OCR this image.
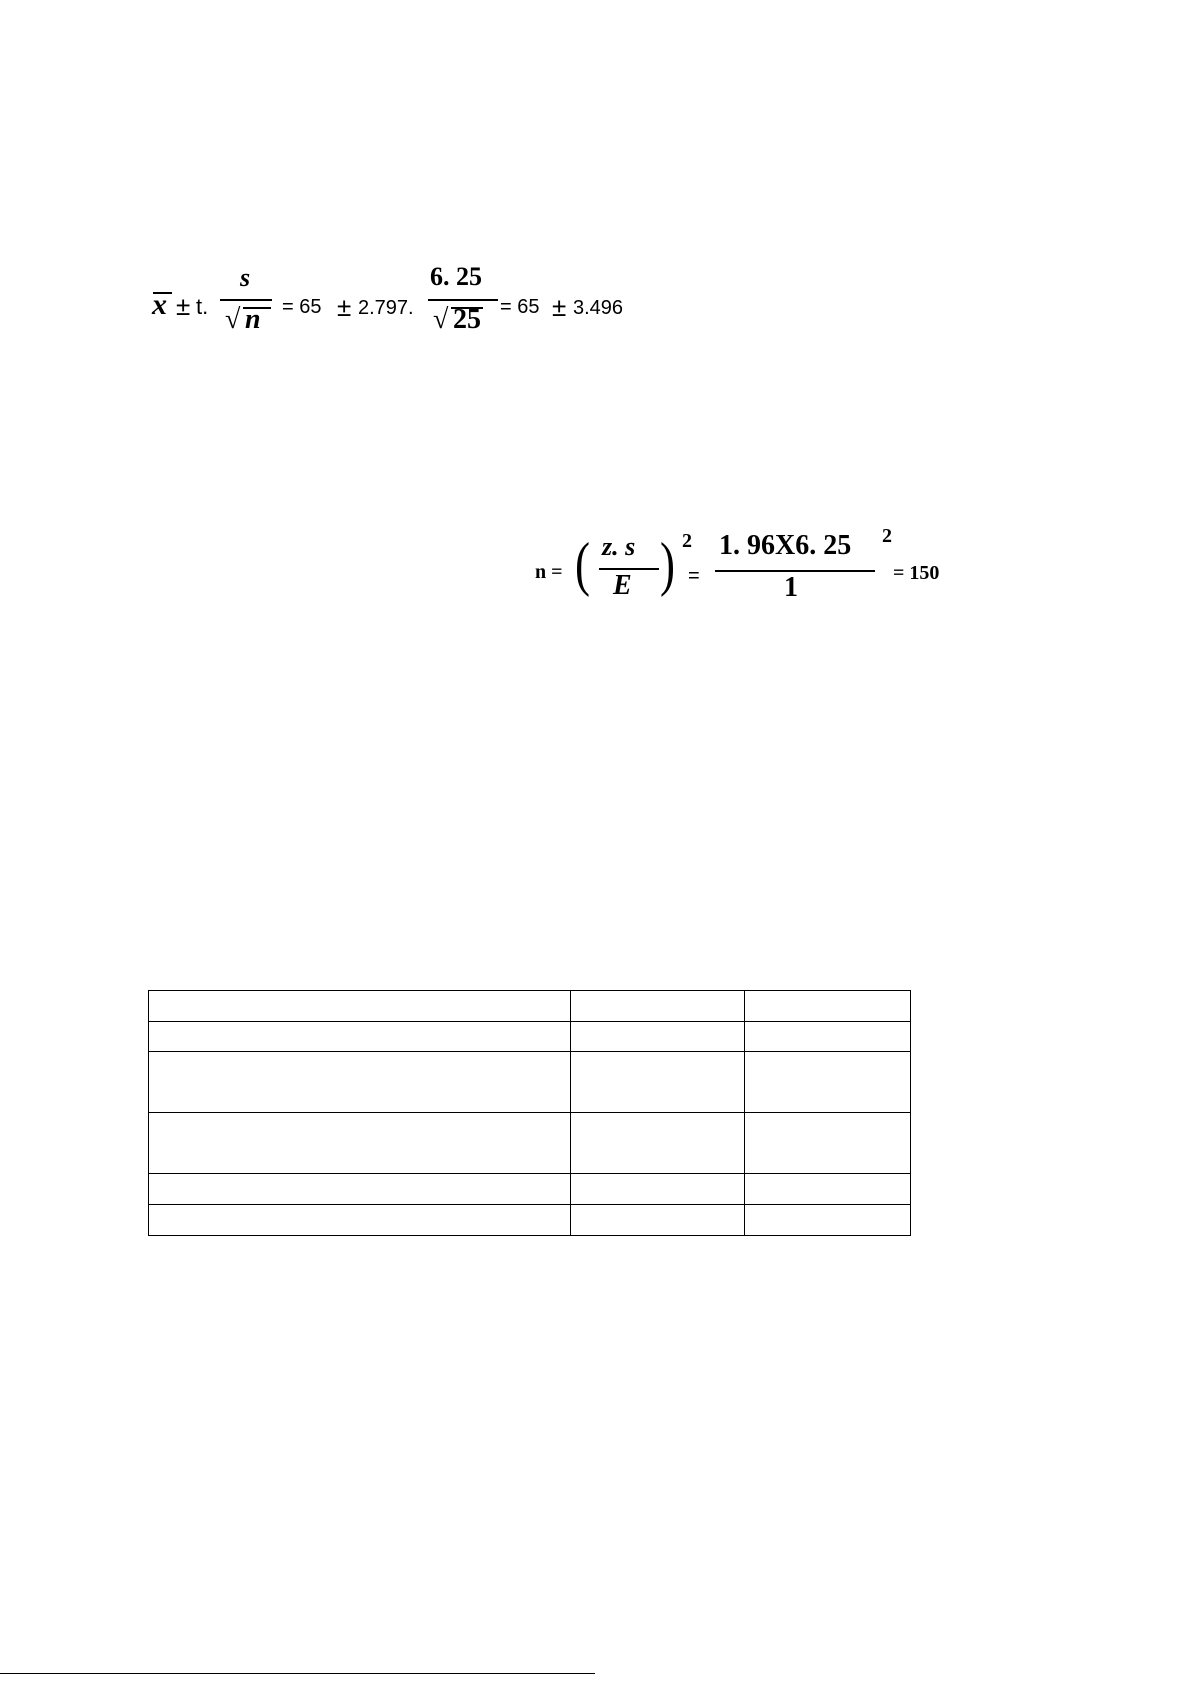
x ± t.
s
√ n = 65 ± 2.797.
6. 25
√ 25 = 65 ± 3.496
n = ( z. s
E ) 2
=
1. 96X6. 25 2
1	= 150
